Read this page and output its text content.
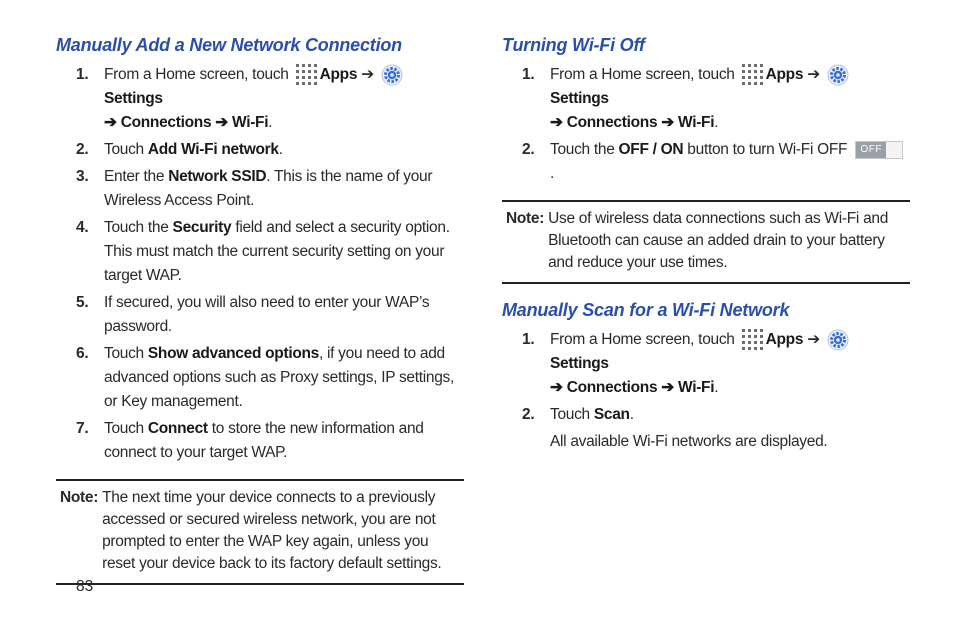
Manually Add a New Network Connection
1. From a Home screen, touch Apps ➔ Settings
➔ Connections ➔ Wi-Fi.
2. Touch Add Wi-Fi network.
3. Enter the Network SSID. This is the name of your Wireless Access Point.
4. Touch the Security field and select a security option. This must match the current security setting on your target WAP.
5. If secured, you will also need to enter your WAP’s password.
6. Touch Show advanced options, if you need to add advanced options such as Proxy settings, IP settings, or Key management.
7. Touch Connect to store the new information and connect to your target WAP.
Note: The next time your device connects to a previously accessed or secured wireless network, you are not prompted to enter the WAP key again, unless you reset your device back to its factory default settings.
Turning Wi-Fi Off
1. From a Home screen, touch Apps ➔ Settings
➔ Connections ➔ Wi-Fi.
2. Touch the OFF / ON button to turn Wi-Fi OFF	OFF
.
Note: Use of wireless data connections such as Wi-Fi and Bluetooth can cause an added drain to your battery and reduce your use times.
Manually Scan for a Wi-Fi Network
1. From a Home screen, touch Apps ➔ Settings
➔ Connections ➔ Wi-Fi.
2. Touch Scan.
All available Wi-Fi networks are displayed.
83
